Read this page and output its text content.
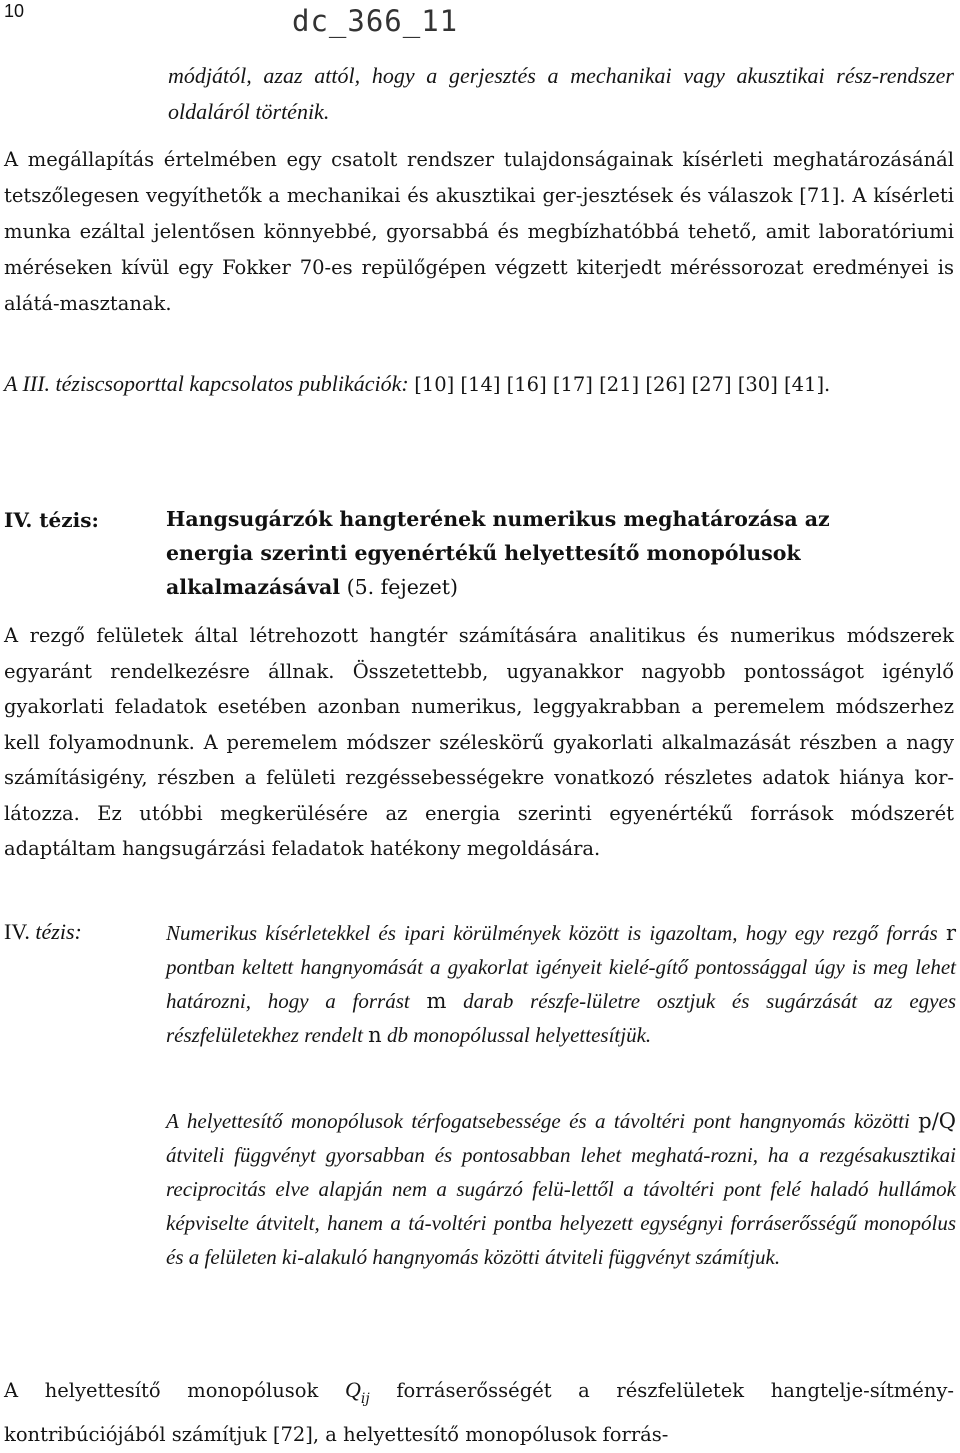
10	dc_366_11

módjától, azaz attól, hogy a gerjesztés a mechanikai vagy akusztikai rész-rendszer oldaláról történik.

A megállapítás értelmében egy csatolt rendszer tulajdonságainak kísérleti meghatározásánál tetszőlegesen vegyíthetők a mechanikai és akusztikai ger-jesztések és válaszok [71]. A kísérleti munka ezáltal jelentősen könnyebbé, gyorsabbá és megbízhatóbbá tehető, amit laboratóriumi méréseken kívül egy Fokker 70-es repülőgépen végzett kiterjedt méréssorozat eredményei is alátá-masztanak.

A III. téziscsoporttal kapcsolatos publikációk: [10] [14] [16] [17] [21] [26] [27] [30] [41].

IV. tézis:	Hangsugárzók hangterének numerikus meghatározása az
energia szerinti egyenértékű helyettesítő monopólusok
alkalmazásával (5. fejezet)

A rezgő felületek által létrehozott hangtér számítására analitikus és numerikus módszerek egyaránt rendelkezésre állnak. Összetettebb, ugyanakkor nagyobb pontosságot igénylő gyakorlati feladatok esetében azonban numerikus, leggyakrabban a peremelem módszerhez kell folyamodnunk. A peremelem módszer széleskörű gyakorlati alkalmazását részben a nagy számításigény, részben a felületi rezgéssebességekre vonatkozó részletes adatok hiánya kor-látozza. Ez utóbbi megkerülésére az energia szerinti egyenértékű források módszerét adaptáltam hangsugárzási feladatok hatékony megoldására.

IV. tézis:	Numerikus kísérletekkel és ipari körülmények között is igazoltam, hogy egy rezgő forrás r pontban keltett hangnyomását a gyakorlat igényeit kielé-gítő pontossággal úgy is meg lehet határozni, hogy a forrást m darab részfe-lületre osztjuk és sugárzását az egyes részfelületekhez rendelt n db monopólussal helyettesítjük.

A helyettesítő monopólusok térfogatsebessége és a távoltéri pont hangnyomás közötti p/Q átviteli függvényt gyorsabban és pontosabban lehet meghatá-rozni, ha a rezgésakusztikai reciprocitás elve alapján nem a sugárzó felü-lettől a távoltéri pont felé haladó hullámok képviselte átvitelt, hanem a tá-voltéri pontba helyezett egységnyi forráserősségű monopólus és a felületen ki-alakuló hangnyomás közötti átviteli függvényt számítjuk.

A helyettesítő monopólusok $Q_{ij}$ forráserősségét a részfelületek hangtelje-sítmény-kontribúciójából számítjuk [72], a helyettesítő monopólusok forrás-
